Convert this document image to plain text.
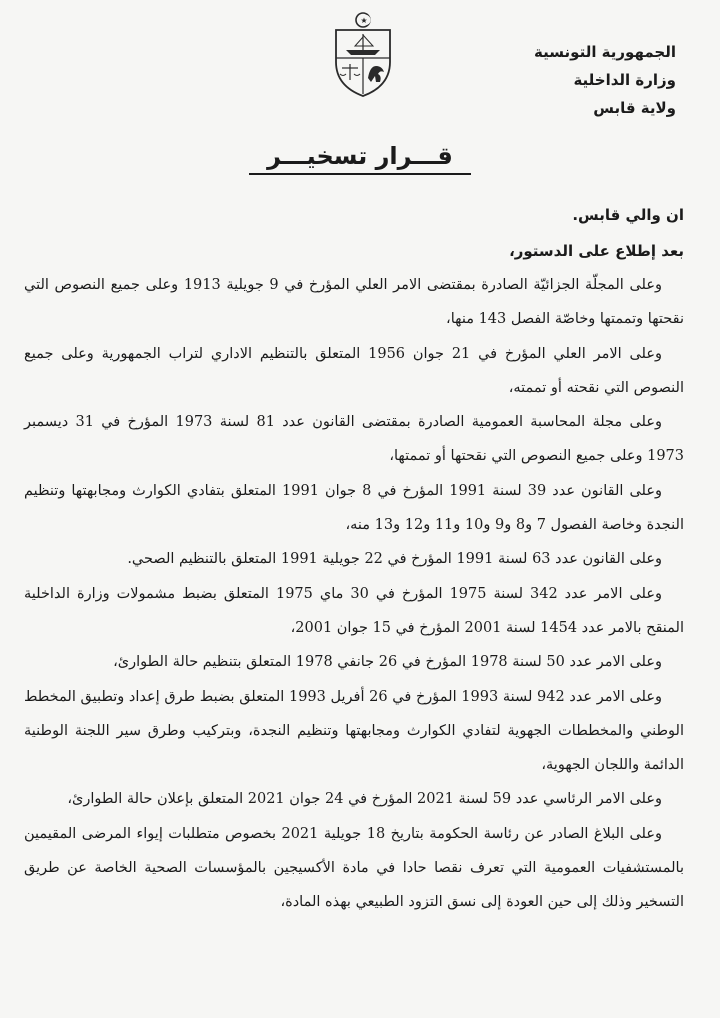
الجمهورية التونسية
وزارة الداخلية
ولاية قابس
قـــرار تسخيـــر
ان والي قابس.
بعد إطلاع على الدستور،

وعلى المجلّة الجزائيّة الصادرة بمقتضى الامر العلي المؤرخ في 9 جويلية 1913 وعلى جميع النصوص التي نقحتها وتممتها وخاصّة الفصل 143 منها،

وعلى الامر العلي المؤرخ في 21 جوان 1956 المتعلق بالتنظيم الاداري لتراب الجمهورية وعلى جميع النصوص التي نقحته أو تممته،

وعلى مجلة المحاسبة العمومية الصادرة بمقتضى القانون عدد 81 لسنة 1973 المؤرخ في 31 ديسمبر 1973 وعلى جميع النصوص التي نقحتها أو تممتها،

وعلى القانون عدد 39 لسنة 1991 المؤرخ في 8 جوان 1991 المتعلق بتفادي الكوارث ومجابهتها وتنظيم النجدة وخاصة الفصول 7 و8 و9 و10 و11 و12 و13 منه،

وعلى القانون عدد 63 لسنة 1991 المؤرخ في 22 جويلية 1991 المتعلق بالتنظيم الصحي.

وعلى الامر عدد 342 لسنة 1975 المؤرخ في 30 ماي 1975 المتعلق بضبط مشمولات وزارة الداخلية المنقح بالامر عدد 1454 لسنة 2001 المؤرخ في 15 جوان 2001،

وعلى الامر عدد 50 لسنة 1978 المؤرخ في 26 جانفي 1978 المتعلق بتنظيم حالة الطوارئ،

وعلى الامر عدد 942 لسنة 1993 المؤرخ في 26 أفريل 1993 المتعلق بضبط طرق إعداد وتطبيق المخطط الوطني والمخططات الجهوية لتفادي الكوارث ومجابهتها وتنظيم النجدة، وبتركيب وطرق سير اللجنة الوطنية الدائمة واللجان الجهوية،

وعلى الامر الرئاسي عدد 59 لسنة 2021 المؤرخ في 24 جوان 2021 المتعلق بإعلان حالة الطوارئ،

وعلى البلاغ الصادر عن رئاسة الحكومة بتاريخ 18 جويلية 2021 بخصوص متطلبات إيواء المرضى المقيمين بالمستشفيات العمومية التي تعرف نقصا حادا في مادة الأكسيجين بالمؤسسات الصحية الخاصة عن طريق التسخير وذلك إلى حين العودة إلى نسق التزود الطبيعي بهذه المادة،
